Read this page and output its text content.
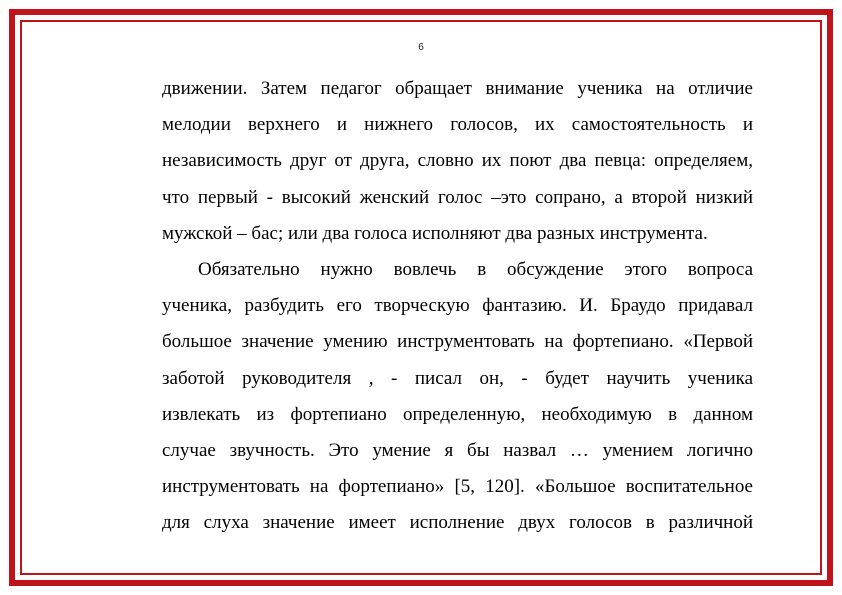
6
движении. Затем педагог обращает внимание ученика на отличие
мелодии верхнего и нижнего голосов, их самостоятельность и
независимость друг от друга, словно их поют два певца: определяем,
что первый - высокий женский голос –это сопрано, а второй низкий
мужской – бас; или два голоса исполняют два разных инструмента.
Обязательно нужно вовлечь в обсуждение этого вопроса
ученика, разбудить его творческую фантазию. И. Браудо придавал
большое значение умению инструментовать на фортепиано. «Первой
заботой руководителя , - писал он, - будет научить ученика
извлекать из фортепиано определенную, необходимую в данном
случае звучность. Это умение я бы назвал … умением логично
инструментовать на фортепиано» [5, 120]. «Большое воспитательное
для слуха значение имеет исполнение двух голосов в различной
